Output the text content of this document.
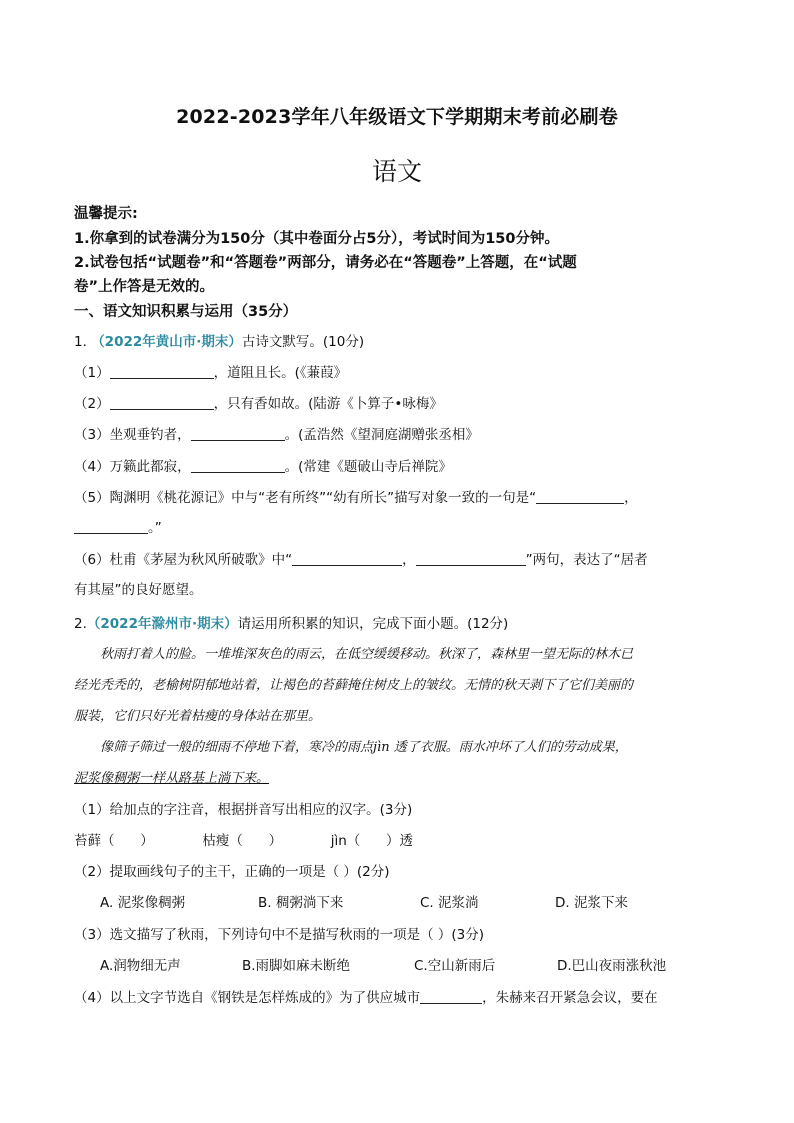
2022-2023学年八年级语文下学期期末考前必刷卷
语文
温馨提示:
1.你拿到的试卷满分为150分（其中卷面分占5分），考试时间为150分钟。
2.试卷包括“试题卷”和“答题卷”两部分，请务必在“答题卷”上答题，在“试题
卷”上作答是无效的。
一、语文知识积累与运用（35分）
1. （2022年黄山市·期末）古诗文默写。(10分)
（1）	，道阻且长。(《蒹葭》
（2）	，只有香如故。(陆游《卜算子•咏梅》
（3）坐观垂钓者，	。(孟浩然《望洞庭湖赠张丞相》
（4）万籁此都寂，	。(常建《题破山寺后禅院》
（5）陶渊明《桃花源记》中与“老有所终”“幼有所长”描写对象一致的一句是“	，
。”
（6）杜甫《茅屋为秋风所破歌》中“	，	”两句，表达了“居者
有其屋”的良好愿望。
2.（2022年滁州市·期末）请运用所积累的知识，完成下面小题。(12分)
秋雨打着人的脸。一堆堆深灰色的雨云，在低空缓缓移动。秋深了，森林里一望无际的林木已
经光秃秃的，老榆树阴郁地站着，让褐色的苔藓掩住树皮上的皱纹。无情的秋天剥下了它们美丽的
服装，它们只好光着枯瘦的身体站在那里。
像筛子筛过一般的细雨不停地下着，寒冷的雨点jìn 透了衣服。雨水冲坏了人们的劳动成果，
泥浆像稠粥一样从路基上淌下来。
（1）给加点的字注音，根据拼音写出相应的汉字。(3分)
苔藓（      ）	枯瘦（      ）	jìn（      ）透
（2）提取画线句子的主干，正确的一项是（ ）(2分)
A. 泥浆像稠粥	B. 稠粥淌下来	C. 泥浆淌	D. 泥浆下来
（3）选文描写了秋雨，下列诗句中不是描写秋雨的一项是（ ）(3分)
A.润物细无声	B.雨脚如麻未断绝	C.空山新雨后	D.巴山夜雨涨秋池
（4）以上文字节选自《钢铁是怎样炼成的》为了供应城市	，朱赫来召开紧急会议，要在
